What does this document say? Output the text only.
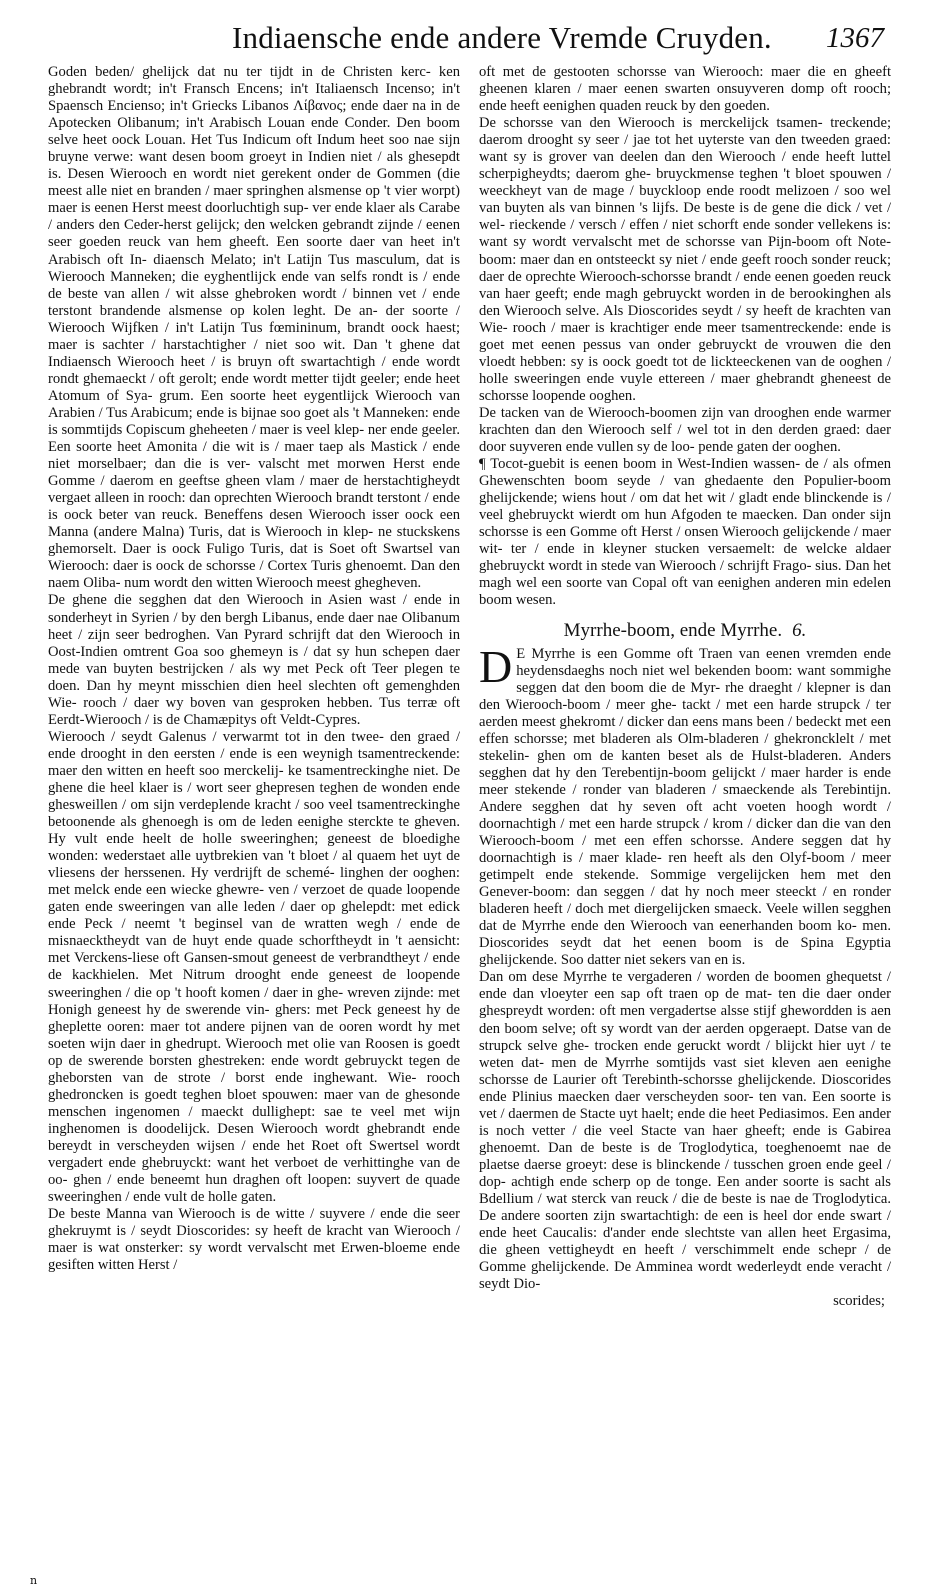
Indiaensche ende andere Vremde Cruyden. 1367

Goden beden/ ghelijck dat nu ter tijdt in de Christen kerc- ken ghebrandt wordt; in't Fransch Encens; in't Italiaensch Incenso; in't Spaensch Encienso; in't Griecks Libanos Λίβανος; ende daer na in de Apotecken Olibanum; in't Arabisch Louan ende Conder. Den boom selve heet oock Louan. Het Tus Indicum oft Indum heet soo nae sijn bruyne verwe: want desen boom groeyt in Indien niet / als ghesepdt is. Desen Wierooch en wordt niet gerekent onder de Gommen (die meest alle niet en branden / maer springhen alsmense op 't vier worpt) maer is eenen Herst meest doorluchtigh sup- ver ende klaer als Carabe / anders den Ceder-herst gelijck; den welcken gebrandt zijnde / eenen seer goeden reuck van hem gheeft. Een soorte daer van heet in't Arabisch oft In- diaensch Melato; in't Latijn Tus masculum, dat is Wierooch Manneken; die eyghentlijck ende van selfs rondt is / ende de beste van allen / wit alsse ghebroken wordt / binnen vet / ende terstont brandende alsmense op kolen leght. De an- der soorte / Wierooch Wijfken / in't Latijn Tus fœmininum, brandt oock haest; maer is sachter / harstachtigher / niet soo wit. Dan 't ghene dat Indiaensch Wierooch heet / is bruyn oft swartachtigh / ende wordt rondt ghemaeckt / oft gerolt; ende wordt metter tijdt geeler; ende heet Atomum of Sya- grum. Een soorte heet eygentlijck Wierooch van Arabien / Tus Arabicum; ende is bijnae soo goet als 't Manneken: ende is sommtijds Copiscum gheheeten / maer is veel klep- ner ende geeler. Een soorte heet Amonita / die wit is / maer taep als Mastick / ende niet morselbaer; dan die is ver- valscht met morwen Herst ende Gomme / daerom en geeftse gheen vlam / maer de herstachtigheydt vergaet alleen in rooch: dan oprechten Wierooch brandt terstont / ende is oock beter van reuck. Beneffens desen Wierooch isser oock een Manna (andere Malna) Turis, dat is Wierooch in klep- ne stuckskens ghemorselt. Daer is oock Fuligo Turis, dat is Soet oft Swartsel van Wierooch: daer is oock de schorsse / Cortex Turis ghenoemt. Dan den naem Oliba- num wordt den witten Wierooch meest ghegheven.

De ghene die segghen dat den Wierooch in Asien wast / ende in sonderheyt in Syrien / by den bergh Libanus, ende daer nae Olibanum heet / zijn seer bedroghen. Van Pyrard schrijft dat den Wierooch in Oost-Indien omtrent Goa soo ghemeyn is / dat sy hun schepen daer mede van buyten bestrijcken / als wy met Peck oft Teer plegen te doen. Dan hy meynt misschien dien heel slechten oft gemenghden Wie- rooch / daer wy boven van gesproken hebben. Tus terræ oft Eerdt-Wierooch / is de Chamæpitys oft Veldt-Cypres.

Wierooch / seydt Galenus / verwarmt tot in den twee- den graed / ende drooght in den eersten / ende is een weynigh tsamentreckende: maer den witten en heeft soo merckelij- ke tsamentreckinghe niet. De ghene die heel klaer is / wort seer ghepresen teghen de wonden ende ghesweillen / om sijn verdeplende kracht / soo veel tsamentreckinghe betoonende als ghenoegh is om de leden eenighe sterckte te gheven. Hy vult ende heelt de holle sweeringhen; geneest de bloedighe wonden: wederstaet alle uytbrekien van 't bloet / al quaem het uyt de vliesens der herssenen. Hy verdrijft de schemé- linghen der ooghen: met melck ende een wiecke ghewre- ven / verzoet de quade loopende gaten ende sweeringen van alle leden / daer op ghelepdt: met edick ende Peck / neemt 't beginsel van de wratten wegh / ende de misnaecktheydt van de huyt ende quade schorftheydt in 't aensicht: met Verckens-liese oft Gansen-smout geneest de verbrandtheyt / ende de kackhielen. Met Nitrum drooght ende geneest de loopende sweeringhen / die op 't hooft komen / daer in ghe- wreven zijnde: met Honigh geneest hy de swerende vin- ghers: met Peck geneest hy de gheplette ooren: maer tot andere pijnen van de ooren wordt hy met soeten wijn daer in ghedrupt. Wierooch met olie van Roosen is goedt op de swerende borsten ghestreken: ende wordt gebruyckt tegen de gheborsten van de strote / borst ende inghewant. Wie- rooch ghedroncken is goedt teghen bloet spouwen: maer van de ghesonde menschen ingenomen / maeckt dullighept: sae te veel met wijn inghenomen is doodelijck. Desen Wierooch wordt ghebrandt ende bereydt in verscheyden wijsen / ende het Roet oft Swertsel wordt vergadert ende ghebruyckt: want het verboet de verhittinghe van de oo- ghen / ende beneemt hun draghen oft loopen: suyvert de quade sweeringhen / ende vult de holle gaten.

De beste Manna van Wierooch is de witte / suyvere / ende die seer ghekruymt is / seydt Dioscorides: sy heeft de kracht van Wierooch / maer is wat onsterker: sy wordt vervalscht met Erwen-bloeme ende gesiften witten Herst /

oft met de gestooten schorsse van Wierooch: maer die en gheeft gheenen klaren / maer eenen swarten onsuyveren domp oft rooch; ende heeft eenighen quaden reuck by den goeden.

De schorsse van den Wierooch is merckelijck tsamen- treckende; daerom drooght sy seer / jae tot het uyterste van den tweeden graed: want sy is grover van deelen dan den Wierooch / ende heeft luttel scherpigheydts; daerom ghe- bruyckmense teghen 't bloet spouwen / weeckheyt van de mage / buyckloop ende roodt melizoen / soo wel van buyten als van binnen 's lijfs. De beste is de gene die dick / vet / wel- rieckende / versch / effen / niet schorft ende sonder vellekens is: want sy wordt vervalscht met de schorsse van Pijn-boom oft Note-boom: maer dan en ontsteeckt sy niet / ende geeft rooch sonder reuck; daer de oprechte Wierooch-schorsse brandt / ende eenen goeden reuck van haer geeft; ende magh gebruyckt worden in de berookinghen als den Wierooch selve. Als Dioscorides seydt / sy heeft de krachten van Wie- rooch / maer is krachtiger ende meer tsamentreckende: ende is goet met eenen pessus van onder gebruyckt de vrouwen die den vloedt hebben: sy is oock goedt tot de lickteeckenen van de ooghen / holle sweeringen ende vuyle ettereen / maer ghebrandt gheneest de schorsse loopende ooghen.

De tacken van de Wierooch-boomen zijn van drooghen ende warmer krachten dan den Wierooch self / wel tot in den derden graed: daer door suyveren ende vullen sy de loo- pende gaten der ooghen.

¶ Tocot-guebit is eenen boom in West-Indien wassen- de / als ofmen Ghewenschten boom seyde / van ghedaente den Populier-boom ghelijckende; wiens hout / om dat het wit / gladt ende blinckende is / veel ghebruyckt wierdt om hun Afgoden te maecken. Dan onder sijn schorsse is een Gomme oft Herst / onsen Wierooch gelijckende / maer wit- ter / ende in kleyner stucken versaemelt: de welcke aldaer ghebruyckt wordt in stede van Wierooch / schrijft Frago- sius. Dan het magh wel een soorte van Copal oft van eenighen anderen min edelen boom wesen.

Myrrhe-boom, ende Myrrhe. 6.

D E Myrrhe is een Gomme oft Traen van eenen vremden ende heydensdaeghs noch niet wel bekenden boom: want sommighe seggen dat den boom die de Myr- rhe draeght / klepner is dan den Wierooch-boom / meer ghe- tackt / met een harde strupck / ter aerden meest ghekromt / dicker dan eens mans been / bedeckt met een effen schorsse; met bladeren als Olm-bladeren / ghekroncklelt / met stekelin- ghen om de kanten beset als de Hulst-bladeren. Anders segghen dat hy den Terebentijn-boom gelijckt / maer harder is ende meer stekende / ronder van bladeren / smaeckende als Terebintijn. Andere segghen dat hy seven oft acht voeten hoogh wordt / doornachtigh / met een harde strupck / krom / dicker dan die van den Wierooch-boom / met een effen schorsse. Andere seggen dat hy doornachtigh is / maer klade- ren heeft als den Olyf-boom / meer getimpelt ende stekende. Sommige vergelijcken hem met den Genever-boom: dan seggen / dat hy noch meer steeckt / en ronder bladeren heeft / doch met diergelijcken smaeck. Veele willen segghen dat de Myrrhe ende den Wierooch van eenerhanden boom ko- men. Dioscorides seydt dat het eenen boom is de Spina Egyptia ghelijckende. Soo datter niet sekers van en is.

Dan om dese Myrrhe te vergaderen / worden de boomen ghequetst / ende dan vloeyter een sap oft traen op de mat- ten die daer onder ghespreydt worden: oft men vergadertse alsse stijf ghewordden is aen den boom selve; oft sy wordt van der aerden opgeraept. Datse van de strupck selve ghe- trocken ende geruckt wordt / blijckt hier uyt / te weten dat- men de Myrrhe somtijds vast siet kleven aen eenighe schorsse de Laurier oft Terebinth-schorsse ghelijckende. Dioscorides ende Plinius maecken daer verscheyden soor- ten van. Een soorte is vet / daermen de Stacte uyt haelt; ende die heet Pediasimos. Een ander is noch vetter / die veel Stacte van haer gheeft; ende is Gabirea ghenoemt. Dan de beste is de Troglodytica, toeghenoemt nae de plaetse daerse groeyt: dese is blinckende / tusschen groen ende geel / dop- achtigh ende scherp op de tonge. Een ander soorte is sacht als Bdellium / wat sterck van reuck / die de beste is nae de Troglodytica. De andere soorten zijn swartachtigh: de een is heel dor ende swart / ende heet Caucalis: d'ander ende slechtste van allen heet Ergasima, die gheen vettigheydt en heeft / verschimmelt ende schepr / de Gomme ghelijckende. De Amminea wordt wederleydt ende veracht / seydt Dio-

scorides;

n
